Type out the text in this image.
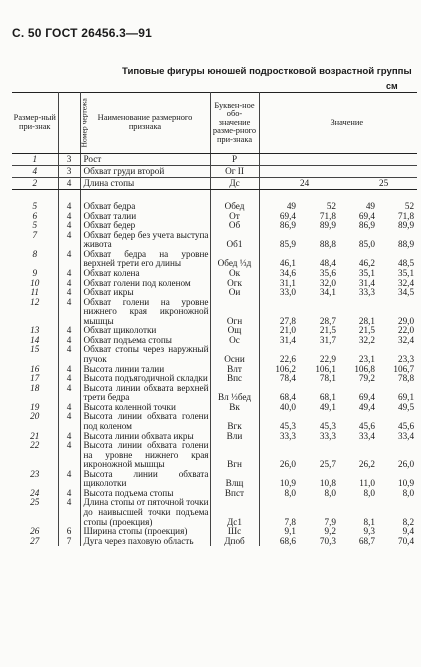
С. 50 ГОСТ 26456.3—91
Типовые фигуры юношей подростковой возрастной группы
см
Размер-ный при-знак	Номер чертежа	Наименование размерного признака	Буквен-ное обо-значение разме-рного при-знака	Значение			
1	3	Рост	Р				
4	3	Обхват груди второй	Ог II				
2	4	Длина стопы	Дс		24		25
5	4	Обхват бедра	Обед	49	52	49	52
6	4	Обхват талии	От	69,4	71,8	69,4	71,8
5	4	Обхват бедер	Об	86,9	89,9	86,9	89,9
7	4	Обхват бедер без учета выступа живота	Об1	85,9	88,8	85,0	88,9
8	4	Обхват бедра на уровне верхней трети его длины	Обед ⅓д	46,1	48,4	46,2	48,5
9	4	Обхват колена	Ок	34,6	35,6	35,1	35,1
10	4	Обхват голени под коленом	Огк	31,1	32,0	31,4	32,4
11	4	Обхват икры	Ои	33,0	34,1	33,3	34,5
12	4	Обхват голени на уровне нижнего края икроножной мышцы	Огн	27,8	28,7	28,1	29,0
13	4	Обхват щиколотки	Ощ	21,0	21,5	21,5	22,0
14	4	Обхват подъема стопы	Ос	31,4	31,7	32,2	32,4
15	4	Обхват стопы через наружный пучок	Осни	22,6	22,9	23,1	23,3
16	4	Высота линии талии	Влт	106,2	106,1	106,8	106,7
17	4	Высота подъягодичной складки	Впс	78,4	78,1	79,2	78,8
18	4	Высота линии обхвата верхней трети бедра	Вл ⅓бед	68,4	68,1	69,4	69,1
19	4	Высота коленной точки	Вк	40,0	49,1	49,4	49,5
20	4	Высота линии обхвата голени под коленом	Вгк	45,3	45,3	45,6	45,6
21	4	Высота линии обхвата икры	Вли	33,3	33,3	33,4	33,4
22	4	Высота линии обхвата голени на уровне нижнего края икроножной мышцы	Вгн	26,0	25,7	26,2	26,0
23	4	Высота линии обхвата щиколотки	Влщ	10,9	10,8	11,0	10,9
24	4	Высота подъема стопы	Впст	8,0	8,0	8,0	8,0
25	4	Длина стопы от пяточной точки до наивысшей точки подъема стопы (проекция)	Дс1	7,8	7,9	8,1	8,2
26	6	Ширина стопы (проекция)	Шс	9,1	9,2	9,3	9,4
27	7	Дуга через паховую область	Дпоб	68,6	70,3	68,7	70,4
